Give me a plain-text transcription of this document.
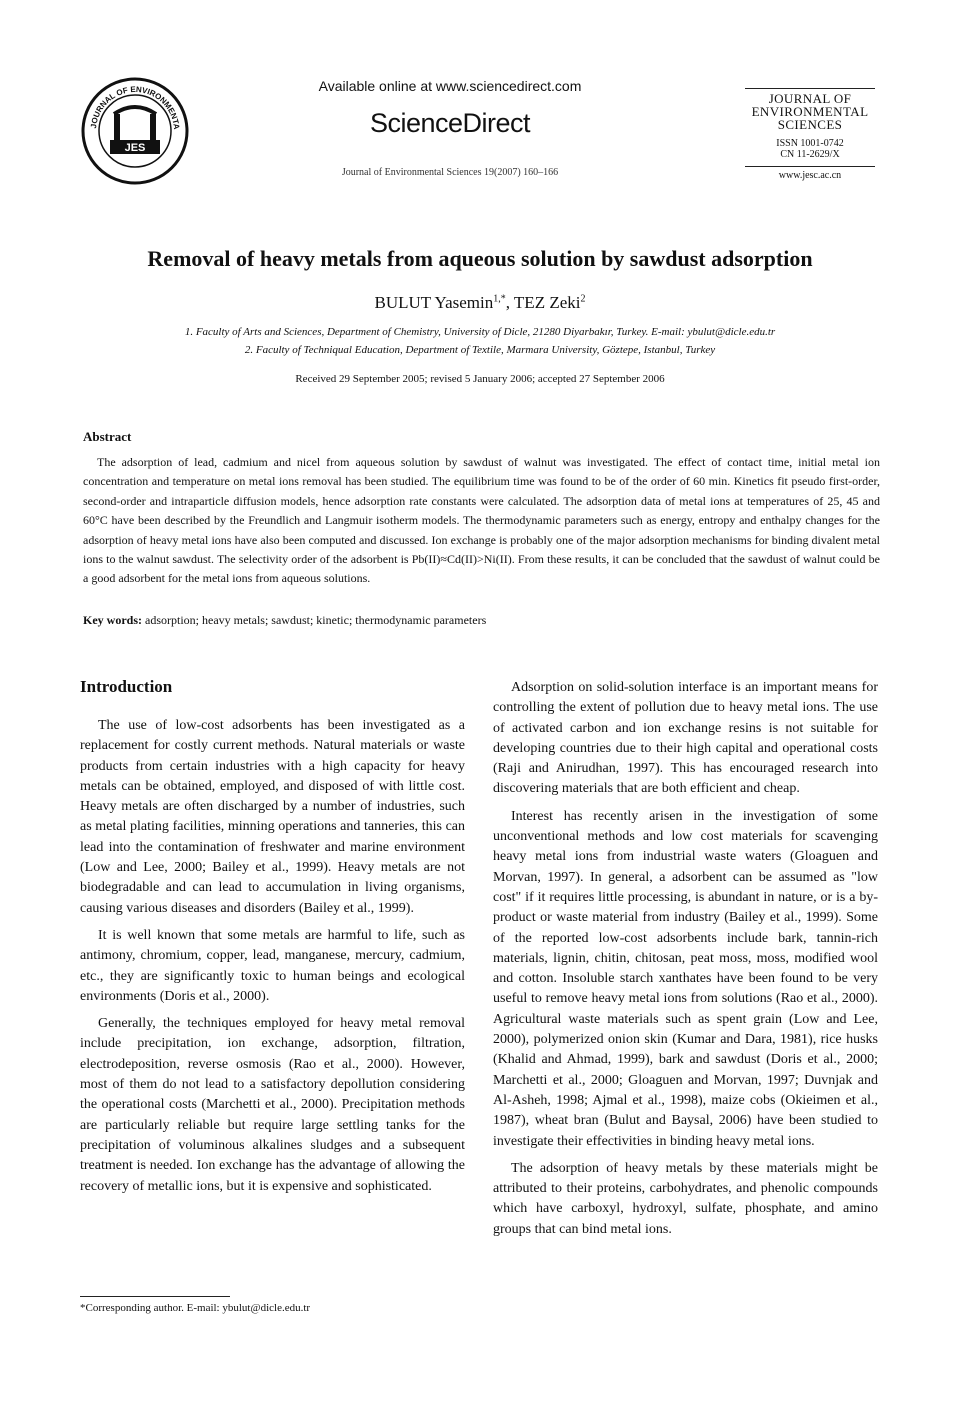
JOURNAL OF ENVIRONMENTA
JES
Available online at www.sciencedirect.com
ScienceDirect
Journal of Environmental Sciences 19(2007) 160–166
JOURNAL OF
ENVIRONMENTAL
SCIENCES
ISSN 1001-0742
CN 11-2629/X
www.jesc.ac.cn
Removal of heavy metals from aqueous solution by sawdust adsorption
BULUT Yasemin$^{1,*}$, TEZ Zeki$^2$
1. Faculty of Arts and Sciences, Department of Chemistry, University of Dicle, 21280 Diyarbakır, Turkey. E-mail: ybulut@dicle.edu.tr
2. Faculty of Techniqual Education, Department of Textile, Marmara University, Göztepe, Istanbul, Turkey
Received 29 September 2005; revised 5 January 2006; accepted 27 September 2006
Abstract
The adsorption of lead, cadmium and nicel from aqueous solution by sawdust of walnut was investigated. The effect of contact time, initial metal ion concentration and temperature on metal ions removal has been studied. The equilibrium time was found to be of the order of 60 min. Kinetics fit pseudo first-order, second-order and intraparticle diffusion models, hence adsorption rate constants were calculated. The adsorption data of metal ions at temperatures of 25, 45 and 60°C have been described by the Freundlich and Langmuir isotherm models. The thermodynamic parameters such as energy, entropy and enthalpy changes for the adsorption of heavy metal ions have also been computed and discussed. Ion exchange is probably one of the major adsorption mechanisms for binding divalent metal ions to the walnut sawdust. The selectivity order of the adsorbent is Pb(II)≈Cd(II)>Ni(II). From these results, it can be concluded that the sawdust of walnut could be a good adsorbent for the metal ions from aqueous solutions.
Key words: adsorption; heavy metals; sawdust; kinetic; thermodynamic parameters
Introduction

The use of low-cost adsorbents has been investigated as a replacement for costly current methods. Natural materials or waste products from certain industries with a high capacity for heavy metals can be obtained, employed, and disposed of with little cost. Heavy metals are often discharged by a number of industries, such as metal plating facilities, minning operations and tanneries, this can lead into the contamination of freshwater and marine environment (Low and Lee, 2000; Bailey et al., 1999). Heavy metals are not biodegradable and can lead to accumulation in living organisms, causing various diseases and disorders (Bailey et al., 1999).

It is well known that some metals are harmful to life, such as antimony, chromium, copper, lead, manganese, mercury, cadmium, etc., they are significantly toxic to human beings and ecological environments (Doris et al., 2000).

Generally, the techniques employed for heavy metal removal include precipitation, ion exchange, adsorption, filtration, electrodeposition, reverse osmosis (Rao et al., 2000). However, most of them do not lead to a satisfactory depollution considering the operational costs (Marchetti et al., 2000). Precipitation methods are particularly reliable but require large settling tanks for the precipitation of voluminous alkalines sludges and a subsequent treatment is needed. Ion exchange has the advantage of allowing the recovery of metallic ions, but it is expensive and sophisticated.

Adsorption on solid-solution interface is an important means for controlling the extent of pollution due to heavy metal ions. The use of activated carbon and ion exchange resins is not suitable for developing countries due to their high capital and operational costs (Raji and Anirudhan, 1997). This has encouraged research into discovering materials that are both efficient and cheap.

Interest has recently arisen in the investigation of some unconventional methods and low cost materials for scavenging heavy metal ions from industrial waste waters (Gloaguen and Morvan, 1997). In general, a adsorbent can be assumed as "low cost" if it requires little processing, is abundant in nature, or is a by-product or waste material from industry (Bailey et al., 1999). Some of the reported low-cost adsorbents include bark, tannin-rich materials, lignin, chitin, chitosan, peat moss, moss, modified wool and cotton. Insoluble starch xanthates have been found to be very useful to remove heavy metal ions from solutions (Rao et al., 2000). Agricultural waste materials such as spent grain (Low and Lee, 2000), polymerized onion skin (Kumar and Dara, 1981), rice husks (Khalid and Ahmad, 1999), bark and sawdust (Doris et al., 2000; Marchetti et al., 2000; Gloaguen and Morvan, 1997; Duvnjak and Al-Asheh, 1998; Ajmal et al., 1998), maize cobs (Okieimen et al., 1987), wheat bran (Bulut and Baysal, 2006) have been studied to investigate their effectivities in binding heavy metal ions.

The adsorption of heavy metals by these materials might be attributed to their proteins, carbohydrates, and phenolic compounds which have carboxyl, hydroxyl, sulfate, phosphate, and amino groups that can bind metal ions.

*Corresponding author. E-mail: ybulut@dicle.edu.tr
